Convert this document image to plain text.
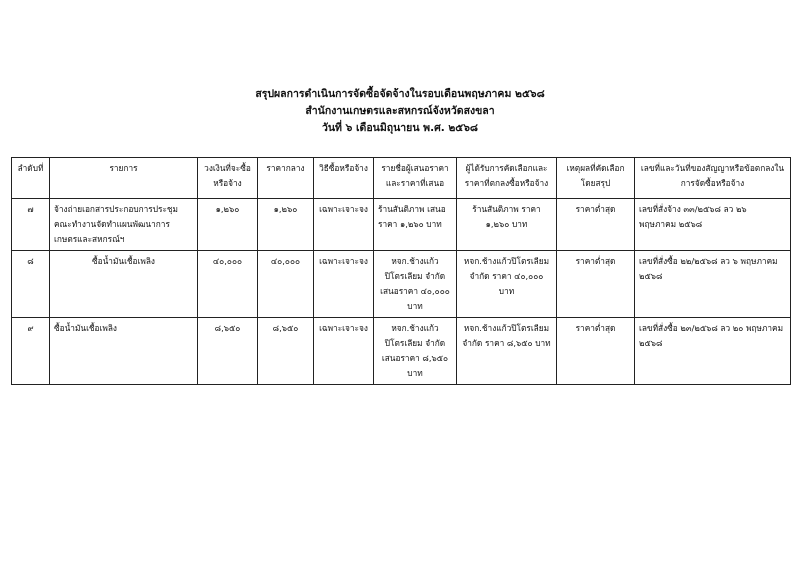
สรุปผลการดำเนินการจัดซื้อจัดจ้างในรอบเดือนพฤษภาคม ๒๕๖๘
สำนักงานเกษตรและสหกรณ์จังหวัดสงขลา
วันที่ ๖ เดือนมิถุนายน พ.ศ. ๒๕๖๘
ลำดับที่	รายการ	วงเงินที่จะซื้อหรือจ้าง	ราคากลาง	วิธีซื้อหรือจ้าง	รายชื่อผู้เสนอราคาและราคาที่เสนอ	ผู้ได้รับการคัดเลือกและราคาที่ตกลงซื้อหรือจ้าง	เหตุผลที่คัดเลือกโดยสรุป	เลขที่และวันที่ของสัญญาหรือข้อตกลงในการจัดซื้อหรือจ้าง
๗	จ้างถ่ายเอกสารประกอบการประชุมคณะทำงานจัดทำแผนพัฒนาการเกษตรและสหกรณ์ฯ	๑,๒๖๐	๑,๒๖๐	เฉพาะเจาะจง	ร้านสันติภาพ เสนอราคา ๑,๒๖๐ บาท	ร้านสันติภาพ ราคา ๑,๒๖๐ บาท	ราคาต่ำสุด	เลขที่สั่งจ้าง ๓๓/๒๕๖๘ ลว ๒๖ พฤษภาคม ๒๕๖๘
๘	ซื้อน้ำมันเชื้อเพลิง	๔๐,๐๐๐	๔๐,๐๐๐	เฉพาะเจาะจง	หจก.ช้างแก้วปิโตรเลียม จำกัด เสนอราคา ๔๐,๐๐๐ บาท	หจก.ช้างแก้วปิโตรเลียม จำกัด ราคา ๔๐,๐๐๐ บาท	ราคาต่ำสุด	เลขที่สั่งซื้อ ๒๒/๒๕๖๘ ลว ๖ พฤษภาคม ๒๕๖๘
๙	ซื้อน้ำมันเชื้อเพลิง	๘,๖๕๐	๘,๖๕๐	เฉพาะเจาะจง	หจก.ช้างแก้วปิโตรเลียม จำกัด เสนอราคา ๘,๖๕๐ บาท	หจก.ช้างแก้วปิโตรเลียม จำกัด ราคา ๘,๖๕๐ บาท	ราคาต่ำสุด	เลขที่สั่งซื้อ ๒๓/๒๕๖๘ ลว ๒๐ พฤษภาคม ๒๕๖๘
